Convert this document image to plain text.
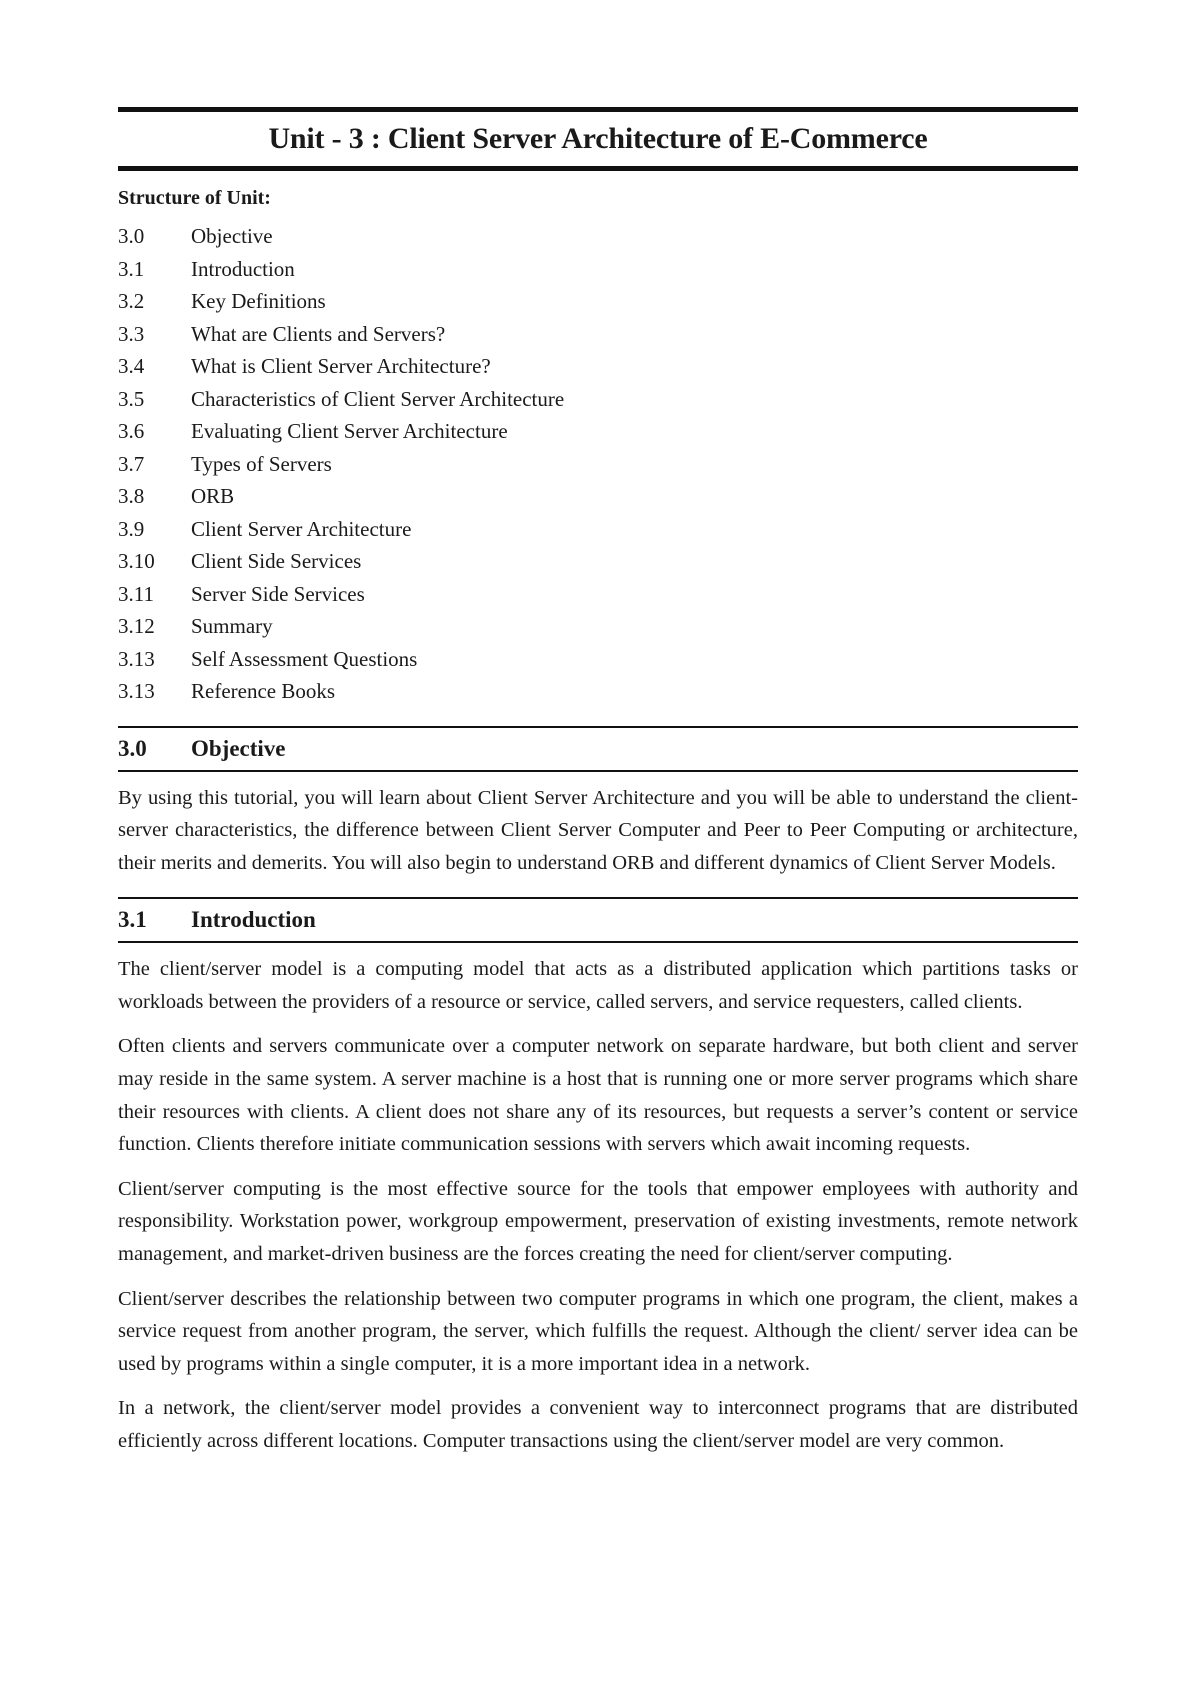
Unit - 3 : Client Server Architecture of E-Commerce
Structure of Unit:
3.0	Objective
3.1	Introduction
3.2	Key Definitions
3.3	What are Clients and Servers?
3.4	What is Client Server Architecture?
3.5	Characteristics of Client Server Architecture
3.6	Evaluating Client Server Architecture
3.7	Types of Servers
3.8	ORB
3.9	Client Server Architecture
3.10	Client Side Services
3.11	Server Side Services
3.12	Summary
3.13	Self Assessment Questions
3.13	Reference Books
3.0	Objective

By using this tutorial, you will learn about Client Server Architecture and you will be able to understand the client-server characteristics, the difference between Client Server Computer and Peer to Peer Computing or architecture, their merits and demerits. You will also begin to understand ORB and different dynamics of Client Server Models.

3.1	Introduction

The client/server model is a computing model that acts as a distributed application which partitions tasks or workloads between the providers of a resource or service, called servers, and service requesters, called clients.

Often clients and servers communicate over a computer network on separate hardware, but both client and server may reside in the same system. A server machine is a host that is running one or more server programs which share their resources with clients. A client does not share any of its resources, but requests a server’s content or service function. Clients therefore initiate communication sessions with servers which await incoming requests.

Client/server computing is the most effective source for the tools that empower employees with authority and responsibility. Workstation power, workgroup empowerment, preservation of existing investments, remote network management, and market-driven business are the forces creating the need for client/server computing.

Client/server describes the relationship between two computer programs in which one program, the client, makes a service request from another program, the server, which fulfills the request. Although the client/ server idea can be used by programs within a single computer, it is a more important idea in a network.

In a network, the client/server model provides a convenient way to interconnect programs that are distributed efficiently across different locations. Computer transactions using the client/server model are very common.
